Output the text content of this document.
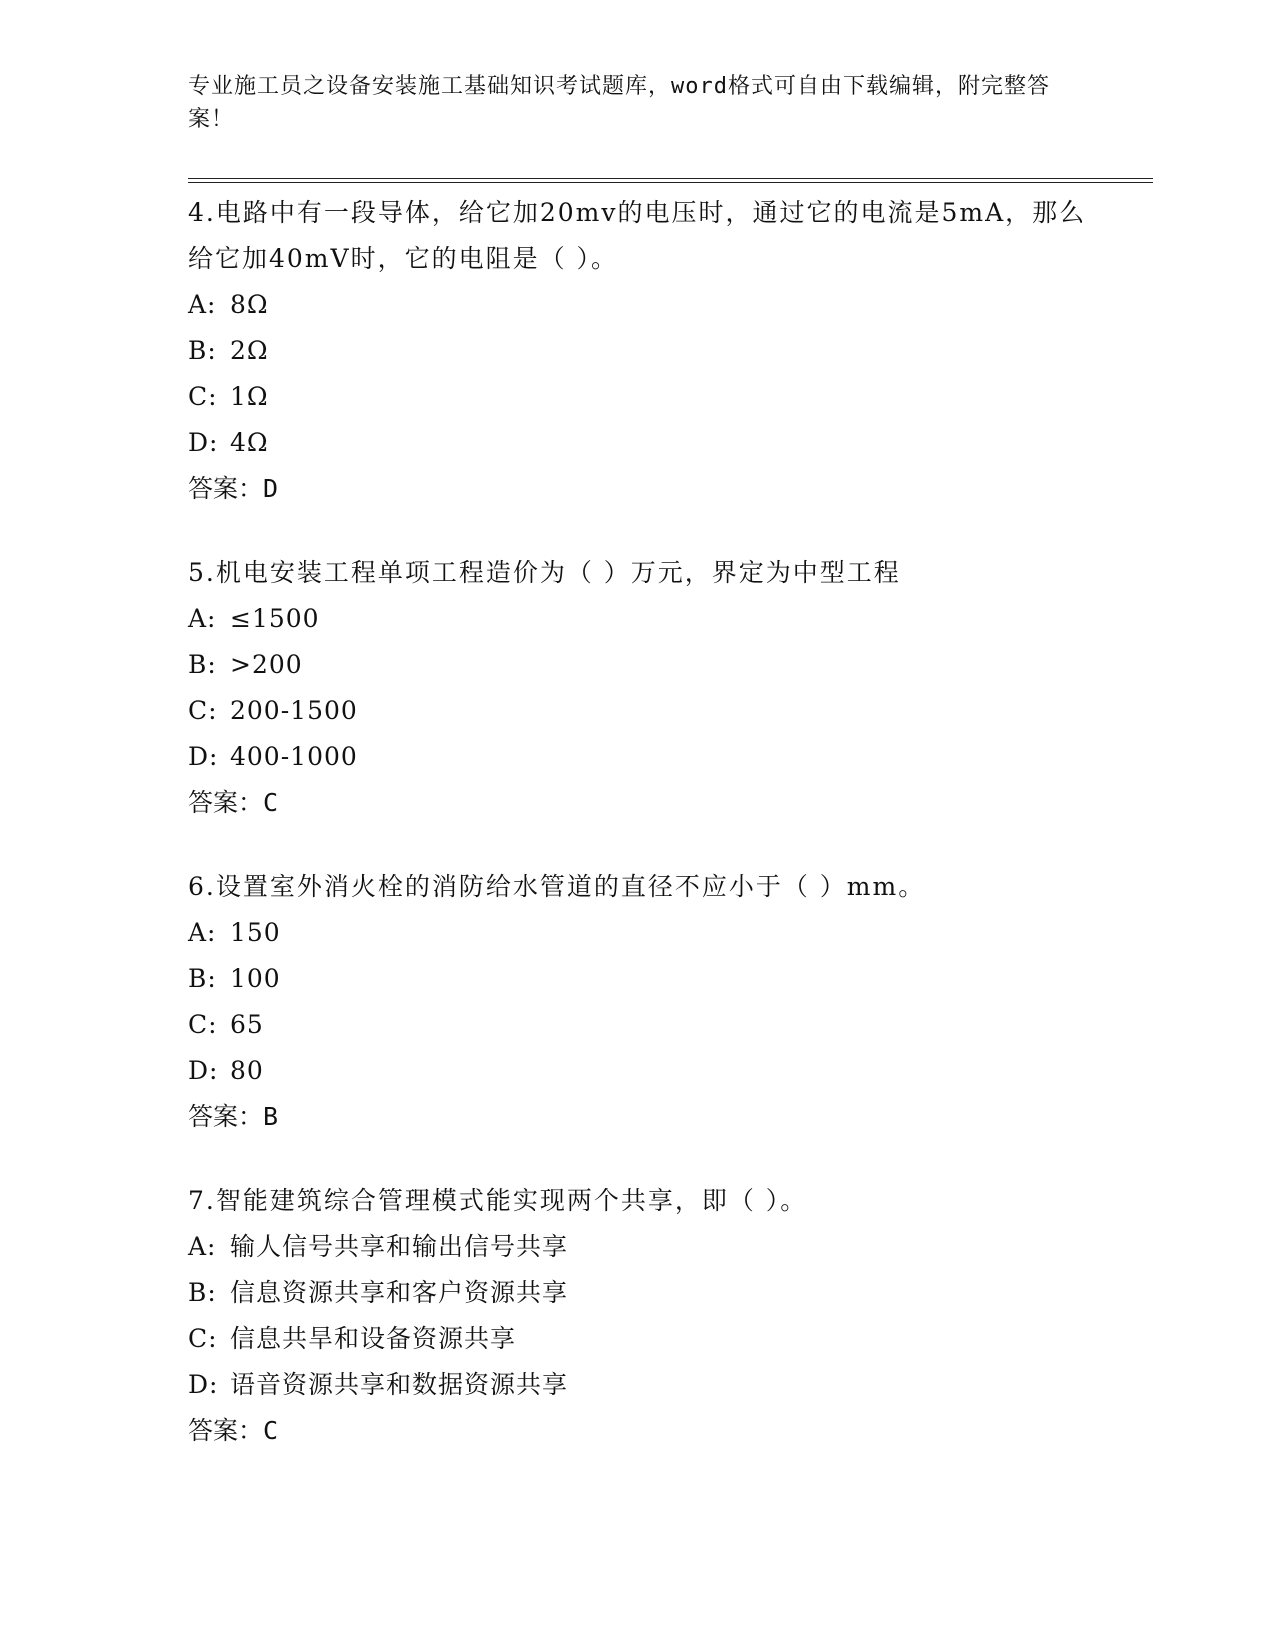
专业施工员之设备安装施工基础知识考试题库，word格式可自由下载编辑，附完整答案！
4.电路中有一段导体，给它加20mv的电压时，通过它的电流是5mA，那么给它加40mV时，它的电阻是（ ）。
A: 8Ω
B: 2Ω
C: 1Ω
D: 4Ω
答案：D
5.机电安装工程单项工程造价为（ ）万元，界定为中型工程
A: ≤1500
B: >200
C: 200-1500
D: 400-1000
答案：C
6.设置室外消火栓的消防给水管道的直径不应小于（ ）mm。
A: 150
B: 100
C: 65
D: 80
答案：B
7.智能建筑综合管理模式能实现两个共享，即（ ）。
A: 输人信号共享和输出信号共享
B: 信息资源共享和客户资源共享
C: 信息共旱和设备资源共享
D: 语音资源共享和数据资源共享
答案：C
